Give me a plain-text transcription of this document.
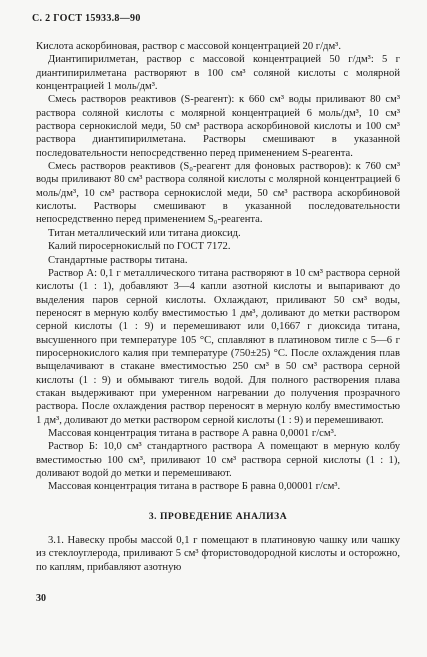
С. 2 ГОСТ 15933.8—90

Кислота аскорбиновая, раствор с массовой концентрацией 20 г/дм³.

Диантипирилметан, раствор с массовой концентрацией 50 г/дм³: 5 г диантипирилметана растворяют в 100 см³ соляной кислоты с молярной концентрацией 1 моль/дм³.

Смесь растворов реактивов (S-реагент): к 660 см³ воды приливают 80 см³ раствора соляной кислоты с молярной концентрацией 6 моль/дм³, 10 см³ раствора сернокислой меди, 50 см³ раствора аскорбиновой кислоты и 100 см³ раствора диантипирилметана. Растворы смешивают в указанной последовательности непосредственно перед применением S-реагента.

Смесь растворов реактивов (S₀-реагент для фоновых растворов): к 760 см³ воды приливают 80 см³ раствора соляной кислоты с молярной концентрацией 6 моль/дм³, 10 см³ раствора сернокислой меди, 50 см³ раствора аскорбиновой кислоты. Растворы смешивают в указанной последовательности непосредственно перед применением S₀-реагента.

Титан металлический или титана диоксид.

Калий пиросернокислый по ГОСТ 7172.

Стандартные растворы титана.

Раствор А: 0,1 г металлического титана растворяют в 10 см³ раствора серной кислоты (1 : 1), добавляют 3—4 капли азотной кислоты и выпаривают до выделения паров серной кислоты. Охлаждают, приливают 50 см³ воды, переносят в мерную колбу вместимостью 1 дм³, доливают до метки раствором серной кислоты (1 : 9) и перемешивают или 0,1667 г диоксида титана, высушенного при температуре 105 °С, сплавляют в платиновом тигле с 5—6 г пиросернокислого калия при температуре (750±25) °С. После охлаждения плав выщелачивают в стакане вместимостью 250 см³ в 50 см³ раствора серной кислоты (1 : 9) и обмывают тигель водой. Для полного растворения плава стакан выдерживают при умеренном нагревании до получения прозрачного раствора. После охлаждения раствор переносят в мерную колбу вместимостью 1 дм³, доливают до метки раствором серной кислоты (1 : 9) и перемешивают.

Массовая концентрация титана в растворе А равна 0,0001 г/см³.

Раствор Б: 10,0 см³ стандартного раствора А помещают в мерную колбу вместимостью 100 см³, приливают 10 см³ раствора серной кислоты (1 : 1), доливают водой до метки и перемешивают.

Массовая концентрация титана в растворе Б равна 0,00001 г/см³.

3. ПРОВЕДЕНИЕ АНАЛИЗА

3.1. Навеску пробы массой 0,1 г помещают в платиновую чашку или чашку из стеклоуглерода, приливают 5 см³ фтористоводородной кислоты и осторожно, по каплям, прибавляют азотную

30
